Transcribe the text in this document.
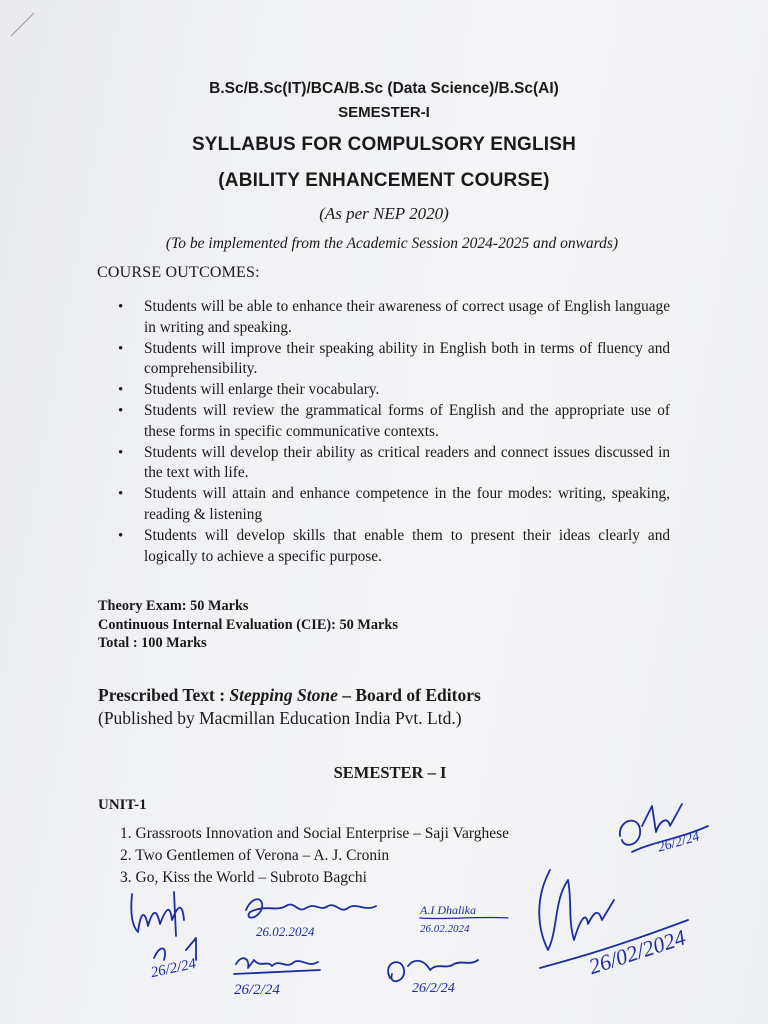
B.Sc/B.Sc(IT)/BCA/B.Sc (Data Science)/B.Sc(AI)
SEMESTER-I
SYLLABUS FOR COMPULSORY ENGLISH
(ABILITY ENHANCEMENT COURSE)
(As per NEP 2020)
(To be implemented from the Academic Session 2024-2025 and onwards)
COURSE OUTCOMES:
• Students will be able to enhance their awareness of correct usage of English language in writing and speaking.
• Students will improve their speaking ability in English both in terms of fluency and comprehensibility.
• Students will enlarge their vocabulary.
• Students will review the grammatical forms of English and the appropriate use of these forms in specific communicative contexts.
• Students will develop their ability as critical readers and connect issues discussed in the text with life.
• Students will attain and enhance competence in the four modes: writing, speaking, reading & listening
• Students will develop skills that enable them to present their ideas clearly and logically to achieve a specific purpose.
Theory Exam: 50 Marks
Continuous Internal Evaluation (CIE): 50 Marks
Total : 100 Marks
Prescribed Text : Stepping Stone – Board of Editors
(Published by Macmillan Education India Pvt. Ltd.)
SEMESTER – I
UNIT-1
1. Grassroots Innovation and Social Enterprise – Saji Varghese
2. Two Gentlemen of Verona – A. J. Cronin
3. Go, Kiss the World – Subroto Bagchi
26/2/24
26/2/24
26.02.2024
A.I Dhalika
26.02.2024	26/02/2024
26/2/24	26/2/24
